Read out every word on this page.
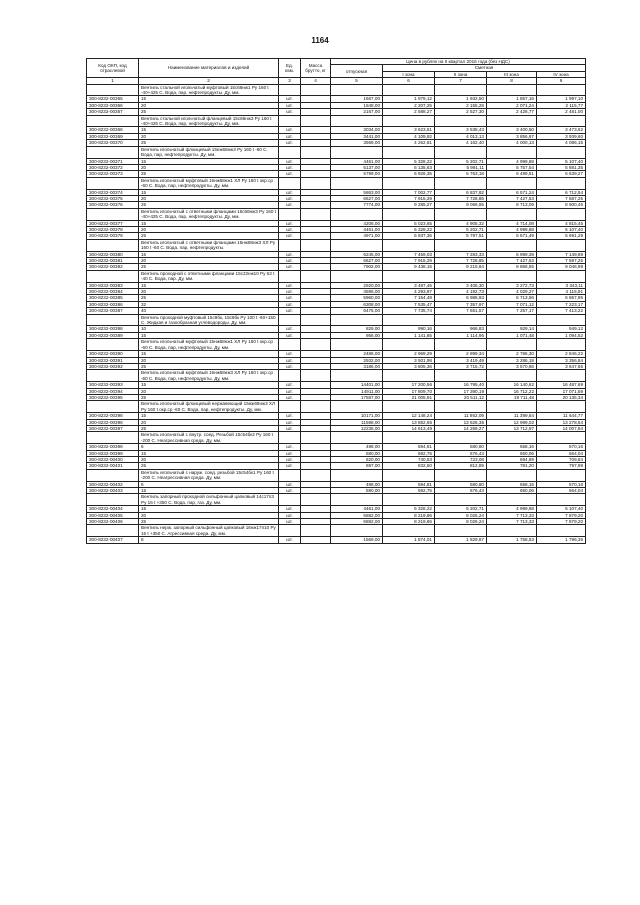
1164
Код ОКП, код отраслевой	Наименование материалов и изделий	Ед. изм.	Масса брутто, кг	Цена в рублях на II квартал 2016 года (без НДС)				
				отпускная	Сметная			
					I зона	II зона	III зона	IV зона
1	2	3	4	5	6	7	8	9
	Вентиль стальной игольчатый муфтовый 15с68нж1 Ру 160 t -40+425 С. Вода, пар, нефтепродукты. Ду, мм.							
300-8232-00365	15	шт.		1667,00	1 979,12	1 932,50	1 857,16	1 997,10
300-8232-00366	20	шт.		1848,00	2 207,25	2 155,28	2 071,24	2 115,77
300-8232-00367	25	шт.		2167,00	2 588,27	2 527,30	2 428,77	2 481,00
	Вентиль стальной игольчатый фланцевый 15с68нж3 Ру 160 t -40+425 С. Вода, пар, нефтепродукты. Ду, мм.							
300-8232-00368	15	шт.		3034,00	3 623,61	3 538,43	3 400,50	3 473,62
300-8232-00369	20	шт.		3441,00	4 109,92	4 013,13	3 856,67	3 939,60
300-8232-00370	25	шт.		3569,00	4 262,81	4 162,40	4 000,13	4 086,15
	Вентиль игольчатый фланцевый 15нж68нж3 Ру 160 t -60 С. Вода, пар, нефтепродукты. Ду, мм.							
300-8232-00371	15	шт.		4461,00	5 328,22	5 202,71	4 999,88	5 107,40
300-8232-00372	20	шт.		5137,00	6 135,63	5 991,11	5 757,54	5 881,35
300-8232-00373	25	шт.		5799,00	6 926,35	6 763,18	6 499,51	6 639,27
	Вентиль игольчатый муфтовый 15нж68нж1 ХЛ Ру 160 t окр.ср -60 С. Вода, пар, нефтепродукты. Ду, мм.							
300-8232-00374	15	шт.		5863,00	7 002,77	6 837,82	6 571,24	6 712,54
300-8232-00375	20	шт.		6627,00	7 915,29	7 728,85	7 427,53	7 587,25
300-8232-00376	25	шт.		7774,00	9 285,27	9 066,55	8 713,09	8 900,45
	Вентиль игольчатый с ответными фланцами 15с68нж3 Ру 160 t -40+425 С. Вода, пар, нефтепродукты. Ду, мм.							
300-8232-00377	15	шт.		4206,00	5 023,65	4 905,32	4 714,08	4 815,45
300-8232-00378	20	шт.		4461,00	5 328,22	5 202,71	4 999,88	5 107,40
300-8232-00379	25	шт.		4971,00	5 937,36	5 797,51	5 571,49	5 691,29
	Вентиль игольчатый с ответными фланцами 15нж68нж3 ХЛ Ру 160 t -60 С. Вода, пар, нефтепродукты.							
300-8232-00380	15	шт.		6245,00	7 459,03	7 283,33	6 999,39	7 149,89
300-8232-00381	20	шт.		6627,00	7 915,29	7 728,85	7 427,53	7 587,25
300-8232-00382	25	шт.		7902,00	9 438,15	9 215,84	8 856,55	9 046,99
	Вентиль проходной с ответными фланцами 15с22нж10 Ру 63 t -40 С. Вода, пар. Ду, мм.							
300-8232-00383	15	шт.		2920,00	3 487,45	3 405,30	3 272,73	3 343,11
300-8232-00384	20	шт.		3595,00	4 293,87	4 192,73	4 029,27	4 115,91
300-8232-00385	25	шт.		5960,00	7 154,48	6 985,93	6 713,56	6 857,95
300-8232-00386	32	шт.		6308,00	7 535,47	7 357,97	7 071,12	7 223,17
300-8232-00387	40	шт.		6475,00	7 735,74	7 551,57	7 257,17	7 413,22
	Вентиль проходной муфтовый 15с9бк, 15с9бк Ру 100 t -60+150 С. Жидкая и газообразная углеводороды. Ду, мм.							
300-8232-00388	10	шт.		829,00	990,16	966,83	929,14	949,12
300-8232-00389	15	шт.		956,00	1 141,85	1 114,95	1 071,48	1 094,52
	Вентиль игольчатый муфтовый 15нж68нж1 ХЛ Ру 160 t окр.ср -60 С. Вода, пар, нефтепродукты. Ду, мм.							
300-8232-00390	15	шт.		2486,00	2 969,29	2 899,34	2 786,30	2 846,22
300-8232-00391	20	шт.		2932,00	3 501,98	3 419,49	3 286,18	3 356,84
300-8232-00392	25	шт.		3186,00	3 805,36	3 715,72	3 570,86	3 647,65
	Вентиль игольчатый муфтовый 15нж68нж3 ХЛ Ру 160 t окр.ср -60 С. Вода, пар, нефтепродукты. Ду, мм.							
300-8232-00393	15	шт.		14401,00	17 200,56	16 795,40	16 140,62	16 487,69
300-8232-00394	20	шт.		14911,00	17 809,70	17 390,19	16 712,22	17 071,59
300-8232-00395	25	шт.		17587,00	21 005,91	20 511,12	19 711,48	20 135,34
	Вентиль игольчатый фланцевый нержавеющий 15нж68нж3 ХЛ Ру 160 t окр.ср -60 С. Вода, пар, нефтепродукты. Ду, мм.							
300-8232-00396	15	шт.		10171,00	12 148,24	11 862,09	11 399,64	11 644,77
300-8232-00396	20	шт.		11598,00	13 852,65	13 526,35	12 999,02	13 278,54
300-8232-00397	25	шт.		12235,00	14 613,49	14 269,27	13 712,97	14 007,84
	Вентиль игольчатый с внутр. соед. Резьбой 15с54бк2 Ру 160 t -200 С. Неагрессивная среда. Ду, мм.							
300-8232-00398	6	шт.		498,00	594,81	580,80	558,16	570,16
300-8232-00399	15	шт.		580,00	692,75	676,43	650,06	664,04
300-8232-00400	20	шт.		620,00	740,53	723,08	694,89	709,84
300-8232-00401	25	шт.		697,00	832,50	812,89	781,20	797,99
	Вентиль игольчатый с наруж. соед. резьбой 15с54бк1 Ру 160 t -200 С. Неагрессивная среда. Ду, мм.							
300-8232-00402	6	шт.		498,00	594,81	580,80	558,16	570,16
300-8232-00403	15	шт.		580,00	692,75	676,43	650,06	664,04
	Вентиль запорный проходной сильфонный цапковый 14с17п3 Ру 16 t +350 С. Вода, пар, газ. Ду, мм.							
300-8232-00404	15	шт.		4461,00	5 328,22	5 202,71	4 999,88	5 107,40
300-8232-00405	20	шт.		6882,00	8 219,86	8 026,24	7 713,33	7 879,20
300-8232-00406	25	шт.		6882,00	8 219,86	8 026,24	7 713,33	7 879,20
	Вентиль нерж. запорный сильфонный цапковый 16нж17п10 Ру 16 t +350 С. Агрессивная среда. Ду, мм.							
300-8232-00407	8	шт.		1569,00	1 874,01	1 829,87	1 758,53	1 796,35
